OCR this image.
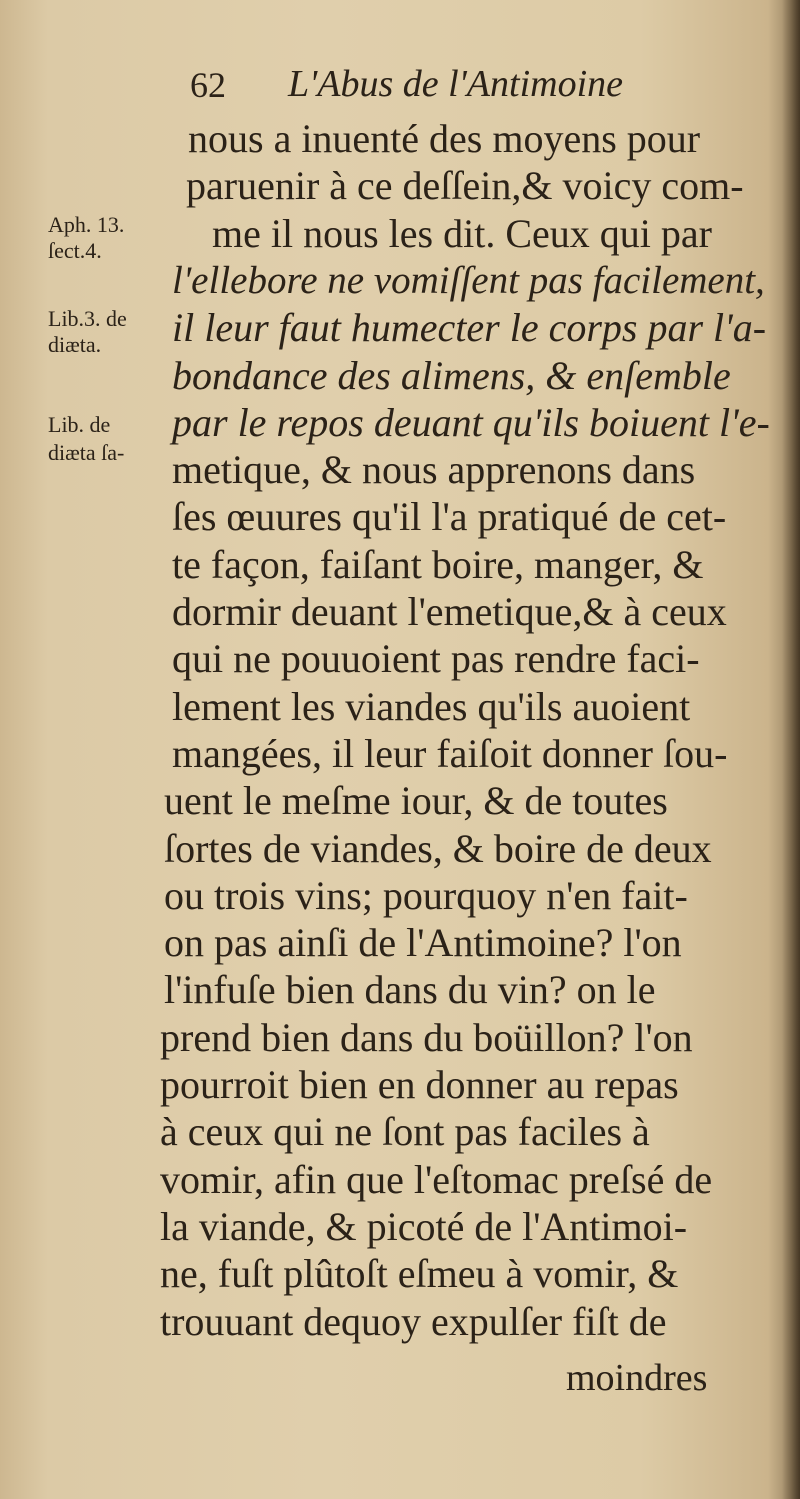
62 L'Abus de l'Antimoine
nous a inuenté des moyens pour
paruenir à ce deſſein,& voicy com-
me il nous les dit. Ceux qui par
l'ellebore ne vomiſſent pas facilement,
il leur faut humecter le corps par l'a-
bondance des alimens, & enſemble
par le repos deuant qu'ils boiuent l'e-
metique, & nous apprenons dans
ſes œuures qu'il l'a pratiqué de cet-
te façon, faiſant boire, manger, &
dormir deuant l'emetique,& à ceux
qui ne pouuoient pas rendre faci-
lement les viandes qu'ils auoient
mangées, il leur faiſoit donner ſou-
uent le meſme iour, & de toutes
ſortes de viandes, & boire de deux
ou trois vins; pourquoy n'en fait-
on pas ainſi de l'Antimoine? l'on
l'infuſe bien dans du vin? on le
prend bien dans du boüillon? l'on
pourroit bien en donner au repas
à ceux qui ne ſont pas faciles à
vomir, afin que l'eſtomac preſsé de
la viande, & picoté de l'Antimoi-
ne, fuſt plûtoſt eſmeu à vomir, &
trouuant dequoy expulſer fiſt de
Aph. 13.
ſect.4.
Lib.3. de
diæta.
Lib. de
diæta ſa-
moindres
